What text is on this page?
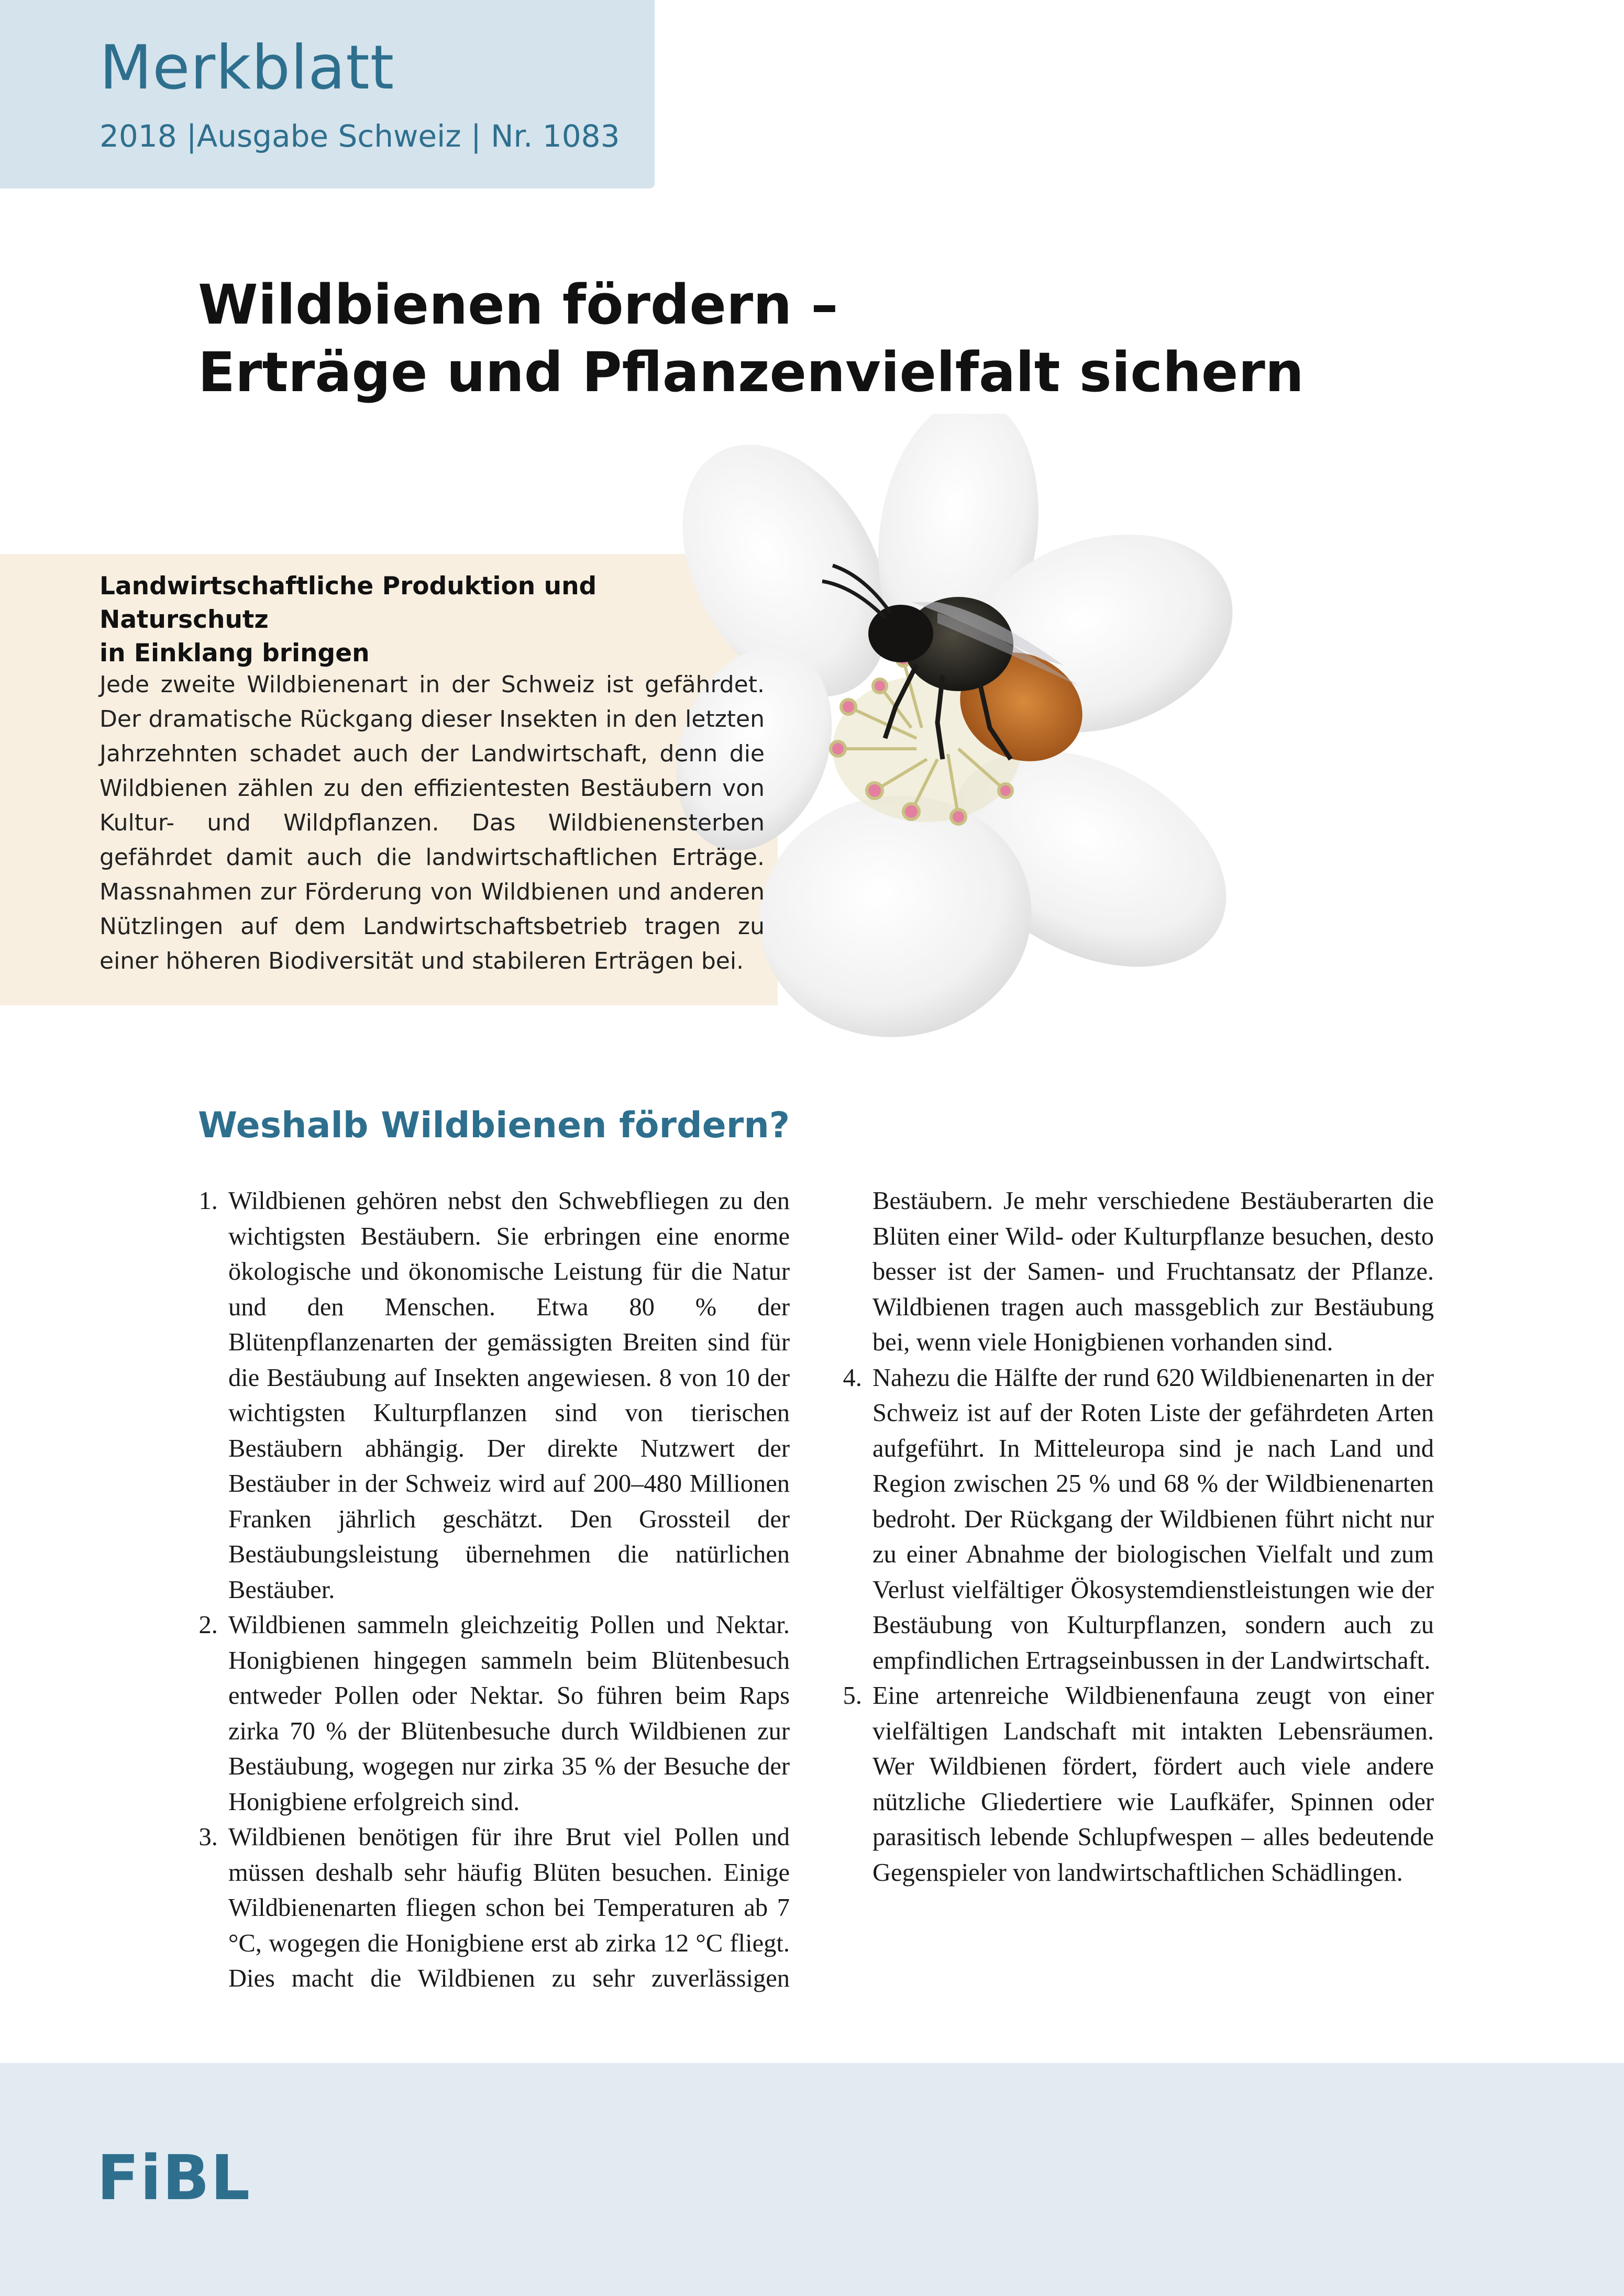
Merkblatt
2018 |Ausgabe Schweiz | Nr. 1083
Wildbienen fördern –
Erträge und Pflanzenvielfalt sichern
Landwirtschaftliche Produktion und Naturschutz
in Einklang bringen

Jede zweite Wildbienenart in der Schweiz ist gefährdet. Der dramatische Rückgang dieser Insekten in den letzten Jahrzehnten schadet auch der Landwirtschaft, denn die Wildbienen zählen zu den effizientesten Bestäubern von Kultur- und Wildpflanzen. Das Wildbienensterben gefährdet damit auch die landwirtschaftlichen Erträge. Massnahmen zur Förderung von Wildbienen und anderen Nützlingen auf dem Landwirtschaftsbetrieb tragen zu einer höheren Biodiversität und stabileren Erträgen bei.

Weshalb Wildbienen fördern?
1. Wildbienen gehören nebst den Schwebfliegen zu den wichtigsten Bestäubern. Sie erbringen eine enorme ökologische und ökonomische Leistung für die Natur und den Menschen. Etwa 80 % der Blütenpflanzenarten der gemässigten Breiten sind für die Bestäubung auf Insekten angewiesen. 8 von 10 der wichtigsten Kulturpflanzen sind von tierischen Bestäubern abhängig. Der direkte Nutzwert der Bestäuber in der Schweiz wird auf 200–480 Millionen Franken jährlich geschätzt. Den Grossteil der Bestäubungsleistung übernehmen die natürlichen Bestäuber.
2. Wildbienen sammeln gleichzeitig Pollen und Nektar. Honigbienen hingegen sammeln beim Blütenbesuch entweder Pollen oder Nektar. So führen beim Raps zirka 70 % der Blütenbesuche durch Wildbienen zur Bestäubung, wogegen nur zirka 35 % der Besuche der Honigbiene erfolgreich sind.
3. Wildbienen benötigen für ihre Brut viel Pollen und müssen deshalb sehr häufig Blüten besuchen. Einige Wildbienenarten fliegen schon bei Temperaturen ab 7 °C, wogegen die Honigbiene erst ab zirka 12 °C fliegt. Dies macht die Wildbienen zu sehr zuverlässigen Bestäubern. Je mehr verschiedene Bestäuberarten die Blüten einer Wild- oder Kulturpflanze besuchen, desto besser ist der Samen- und Fruchtansatz der Pflanze. Wildbienen tragen auch massgeblich zur Bestäubung bei, wenn viele Honigbienen vorhanden sind.
4. Nahezu die Hälfte der rund 620 Wildbienenarten in der Schweiz ist auf der Roten Liste der gefährdeten Arten aufgeführt. In Mitteleuropa sind je nach Land und Region zwischen 25 % und 68 % der Wildbienenarten bedroht. Der Rückgang der Wildbienen führt nicht nur zu einer Abnahme der biologischen Vielfalt und zum Verlust vielfältiger Ökosystemdienstleistungen wie der Bestäubung von Kulturpflanzen, sondern auch zu empfindlichen Ertragseinbussen in der Landwirtschaft.
5. Eine artenreiche Wildbienenfauna zeugt von einer vielfältigen Landschaft mit intakten Lebensräumen. Wer Wildbienen fördert, fördert auch viele andere nützliche Gliedertiere wie Laufkäfer, Spinnen oder parasitisch lebende Schlupfwespen – alles bedeutende Gegenspieler von landwirtschaftlichen Schädlingen.
FiBL
